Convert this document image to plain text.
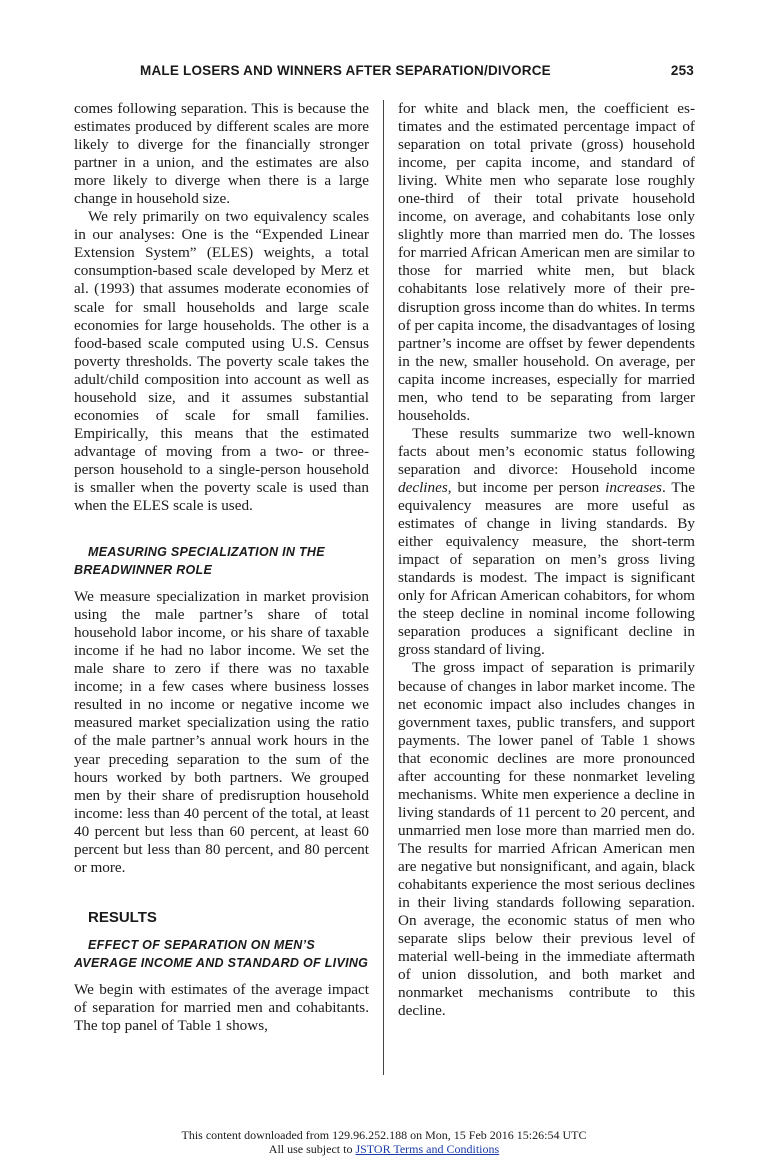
MALE LOSERS AND WINNERS AFTER SEPARATION/DIVORCE	253

comes following separation. This is because the estimates produced by different scales are more likely to diverge for the financially stronger partner in a union, and the estimates are also more likely to diverge when there is a large change in household size.

We rely primarily on two equivalency scales in our analyses: One is the “Expended Linear Extension System” (ELES) weights, a total consumption-based scale developed by Merz et al. (1993) that assumes moderate economies of scale for small households and large scale economies for large households. The other is a food-based scale computed using U.S. Census poverty thresholds. The poverty scale takes the adult/child composition into account as well as household size, and it assumes substantial economies of scale for small families. Empirically, this means that the estimated advantage of moving from a two- or three-person household to a single-person household is smaller when the poverty scale is used than when the ELES scale is used.

MEASURING SPECIALIZATION IN THE BREADWINNER ROLE

We measure specialization in market provision using the male partner’s share of total household labor income, or his share of taxable income if he had no labor income. We set the male share to zero if there was no taxable income; in a few cases where business losses resulted in no income or negative income we measured market specialization using the ratio of the male partner’s annual work hours in the year preceding separation to the sum of the hours worked by both partners. We grouped men by their share of predisruption household income: less than 40 percent of the total, at least 40 percent but less than 60 percent, at least 60 percent but less than 80 percent, and 80 percent or more.

RESULTS

EFFECT OF SEPARATION ON MEN’S AVERAGE INCOME AND STANDARD OF LIVING

We begin with estimates of the average impact of separation for married men and cohabitants. The top panel of Table 1 shows,

for white and black men, the coefficient estimates and the estimated percentage impact of separation on total private (gross) household income, per capita income, and standard of living. White men who separate lose roughly one-third of their total private household income, on average, and cohabitants lose only slightly more than married men do. The losses for married African American men are similar to those for married white men, but black cohabitants lose relatively more of their pre-disruption gross income than do whites. In terms of per capita income, the disadvantages of losing partner’s income are offset by fewer dependents in the new, smaller household. On average, per capita income increases, especially for married men, who tend to be separating from larger households.

These results summarize two well-known facts about men’s economic status following separation and divorce: Household income declines, but income per person increases. The equivalency measures are more useful as estimates of change in living standards. By either equivalency measure, the short-term impact of separation on men’s gross living standards is modest. The impact is significant only for African American cohabitors, for whom the steep decline in nominal income following separation produces a significant decline in gross standard of living.

The gross impact of separation is primarily because of changes in labor market income. The net economic impact also includes changes in government taxes, public transfers, and support payments. The lower panel of Table 1 shows that economic declines are more pronounced after accounting for these nonmarket leveling mechanisms. White men experience a decline in living standards of 11 percent to 20 percent, and unmarried men lose more than married men do. The results for married African American men are negative but nonsignificant, and again, black cohabitants experience the most serious declines in their living standards following separation. On average, the economic status of men who separate slips below their previous level of material well-being in the immediate aftermath of union dissolution, and both market and nonmarket mechanisms contribute to this decline.

This content downloaded from 129.96.252.188 on Mon, 15 Feb 2016 15:26:54 UTC
All use subject to JSTOR Terms and Conditions
